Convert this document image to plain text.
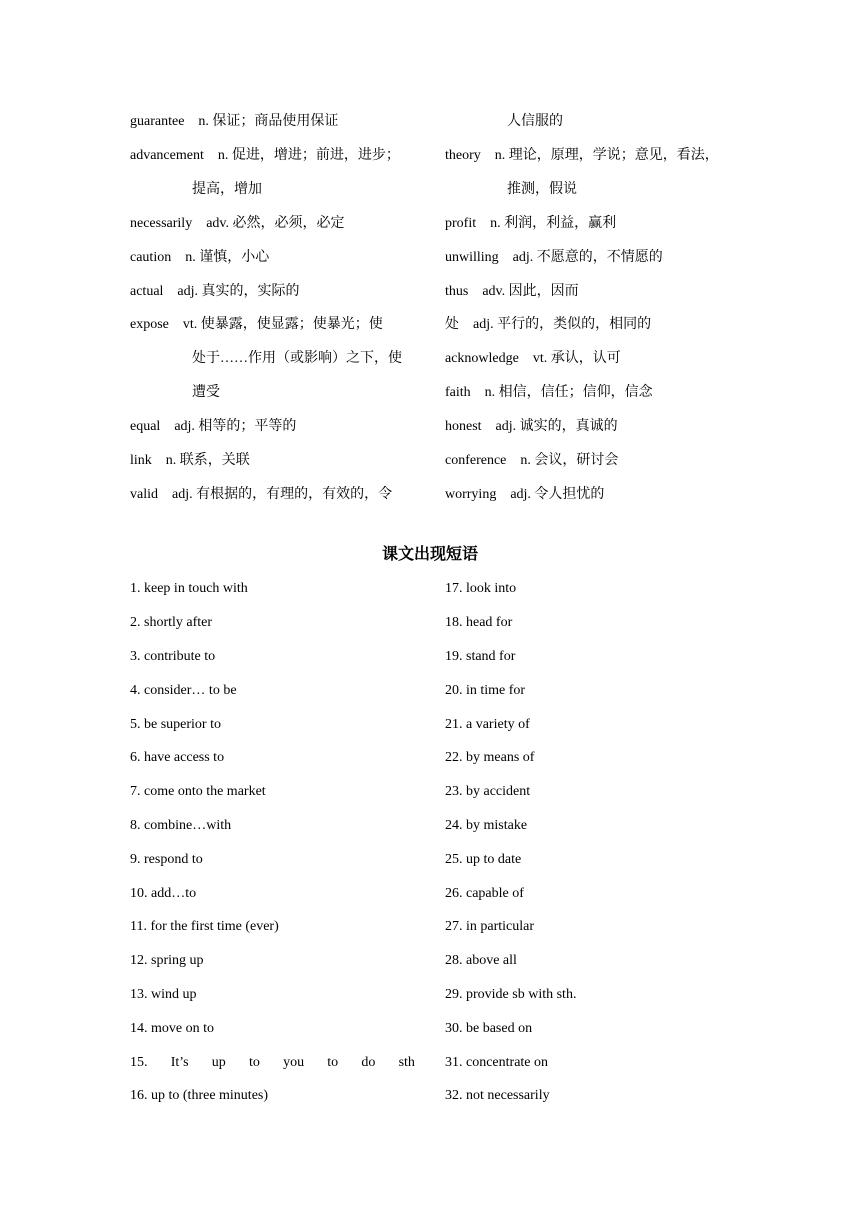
guarantee　n. 保证；商品使用保证
advancement　n. 促进，增进；前进，进步；
提高，增加
necessarily　adv. 必然，必须，必定
caution　n. 谨慎，小心
actual　adj. 真实的，实际的
expose　vt. 使暴露，使显露；使暴光；使
处于……作用（或影响）之下，使
遭受
equal　adj. 相等的；平等的
link　n. 联系，关联
valid　adj. 有根据的，有理的，有效的，令
人信服的
theory　n. 理论，原理，学说；意见，看法，
推测，假说
profit　n. 利润，利益，赢利
unwilling　adj. 不愿意的，不情愿的
thus　adv. 因此，因而
处　adj. 平行的，类似的，相同的
acknowledge　vt. 承认，认可
faith　n. 相信，信任；信仰，信念
honest　adj. 诚实的，真诚的
conference　n. 会议，研讨会
worrying　adj. 令人担忧的
课文出现短语
1. keep in touch with
2. shortly after
3. contribute to
4. consider… to be
5. be superior to
6. have access to
7. come onto the market
8. combine…with
9. respond to
10. add…to
11. for the first time (ever)
12. spring up
13. wind up
14. move on to
15. It’s up to you to do sth
16. up to (three minutes)
17. look into
18. head for
19. stand for
20. in time for
21. a variety of
22. by means of
23. by accident
24. by mistake
25. up to date
26. capable of
27. in particular
28. above all
29. provide sb with sth.
30. be based on
31. concentrate on
32. not necessarily
